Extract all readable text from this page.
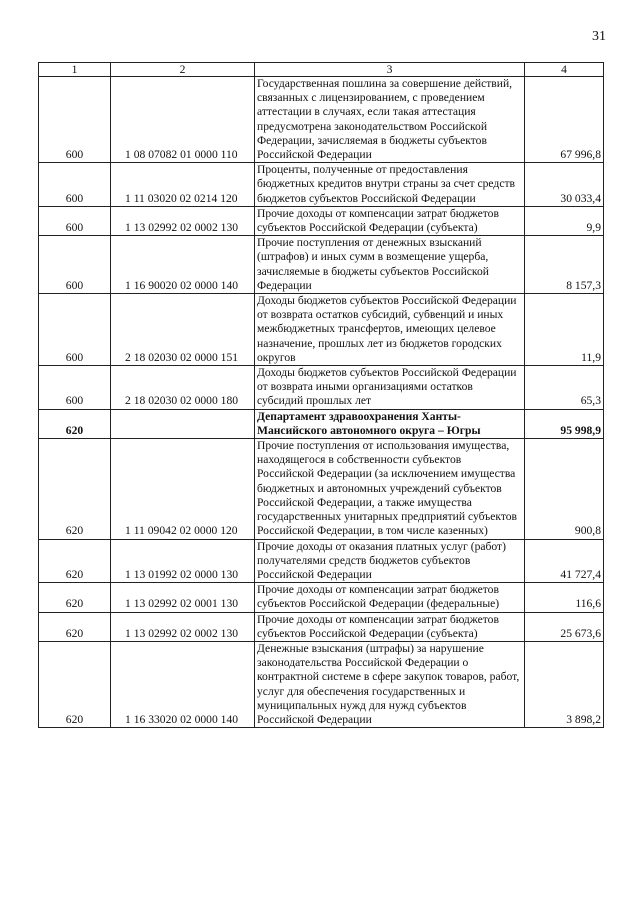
31
1	2	3	4
600	1 08 07082 01 0000 110	Государственная пошлина за совершение действий, связанных с лицензированием, с проведением аттестации в случаях, если такая аттестация предусмотрена законодательством Российской Федерации, зачисляемая в бюджеты субъектов Российской Федерации	67 996,8
600	1 11 03020 02 0214 120	Проценты, полученные от предоставления бюджетных кредитов внутри страны за счет средств бюджетов субъектов Российской Федерации	30 033,4
600	1 13 02992 02 0002 130	Прочие доходы от компенсации затрат бюджетов субъектов Российской Федерации (субъекта)	9,9
600	1 16 90020 02 0000 140	Прочие поступления от денежных взысканий (штрафов) и иных сумм в возмещение ущерба, зачисляемые в бюджеты субъектов Российской Федерации	8 157,3
600	2 18 02030 02 0000 151	Доходы бюджетов субъектов Российской Федерации от возврата остатков субсидий, субвенций и иных межбюджетных трансфертов, имеющих целевое назначение, прошлых лет из бюджетов городских округов	11,9
600	2 18 02030 02 0000 180	Доходы бюджетов субъектов Российской Федерации от возврата иными организациями остатков субсидий прошлых лет	65,3
620		Департамент здравоохранения Ханты-Мансийского автономного округа – Югры	95 998,9
620	1 11 09042 02 0000 120	Прочие поступления от использования имущества, находящегося в собственности субъектов Российской Федерации (за исключением имущества бюджетных и автономных учреждений субъектов Российской Федерации, а также имущества государственных унитарных предприятий субъектов Российской Федерации, в том числе казенных)	900,8
620	1 13 01992 02 0000 130	Прочие доходы от оказания платных услуг (работ) получателями средств бюджетов субъектов Российской Федерации	41 727,4
620	1 13 02992 02 0001 130	Прочие доходы от компенсации затрат бюджетов субъектов Российской Федерации (федеральные)	116,6
620	1 13 02992 02 0002 130	Прочие доходы от компенсации затрат бюджетов субъектов Российской Федерации (субъекта)	25 673,6
620	1 16 33020 02 0000 140	Денежные взыскания (штрафы) за нарушение законодательства Российской Федерации о контрактной системе в сфере закупок товаров, работ, услуг для обеспечения государственных и муниципальных нужд для нужд субъектов Российской Федерации	3 898,2
